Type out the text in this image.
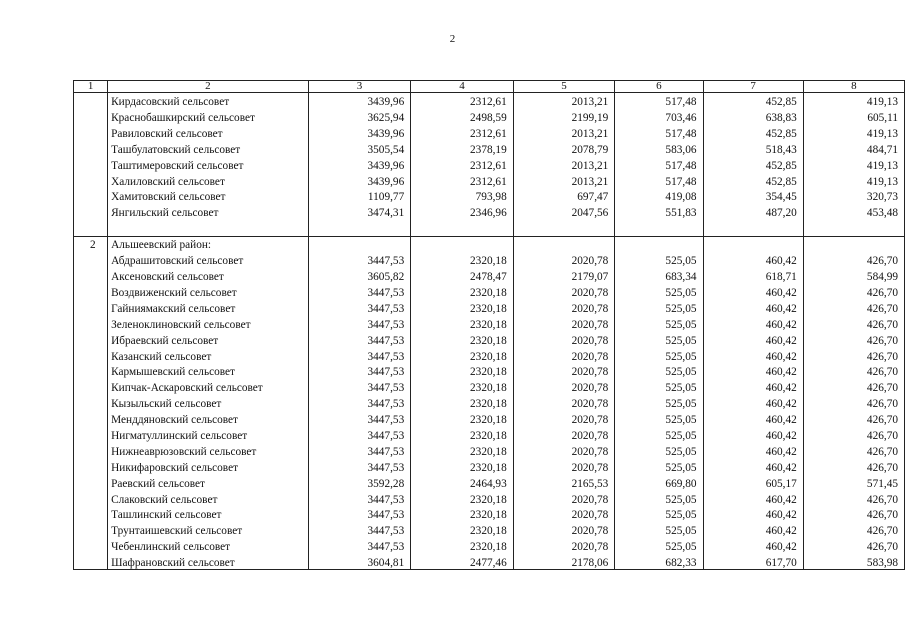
2
1	2	3	4	5	6	7	8
	Кирдасовский сельсовет	3439,96	2312,61	2013,21	517,48	452,85	419,13
	Краснобашкирский сельсовет	3625,94	2498,59	2199,19	703,46	638,83	605,11
	Равиловский сельсовет	3439,96	2312,61	2013,21	517,48	452,85	419,13
	Ташбулатовский сельсовет	3505,54	2378,19	2078,79	583,06	518,43	484,71
	Таштимеровский сельсовет	3439,96	2312,61	2013,21	517,48	452,85	419,13
	Халиловский сельсовет	3439,96	2312,61	2013,21	517,48	452,85	419,13
	Хамитовский сельсовет	1109,77	793,98	697,47	419,08	354,45	320,73
	Янгильский сельсовет	3474,31	2346,96	2047,56	551,83	487,20	453,48

2	Альшеевский район:						
	Абдрашитовский сельсовет	3447,53	2320,18	2020,78	525,05	460,42	426,70
	Аксеновский сельсовет	3605,82	2478,47	2179,07	683,34	618,71	584,99
	Воздвиженский сельсовет	3447,53	2320,18	2020,78	525,05	460,42	426,70
	Гайниямакский сельсовет	3447,53	2320,18	2020,78	525,05	460,42	426,70
	Зеленоклиновский сельсовет	3447,53	2320,18	2020,78	525,05	460,42	426,70
	Ибраевский сельсовет	3447,53	2320,18	2020,78	525,05	460,42	426,70
	Казанский сельсовет	3447,53	2320,18	2020,78	525,05	460,42	426,70
	Кармышевский сельсовет	3447,53	2320,18	2020,78	525,05	460,42	426,70
	Кипчак-Аскаровский сельсовет	3447,53	2320,18	2020,78	525,05	460,42	426,70
	Кызыльский сельсовет	3447,53	2320,18	2020,78	525,05	460,42	426,70
	Менддяновский сельсовет	3447,53	2320,18	2020,78	525,05	460,42	426,70
	Нигматуллинский сельсовет	3447,53	2320,18	2020,78	525,05	460,42	426,70
	Нижнеаврюзовский сельсовет	3447,53	2320,18	2020,78	525,05	460,42	426,70
	Никифаровский сельсовет	3447,53	2320,18	2020,78	525,05	460,42	426,70
	Раевский сельсовет	3592,28	2464,93	2165,53	669,80	605,17	571,45
	Слаковский сельсовет	3447,53	2320,18	2020,78	525,05	460,42	426,70
	Ташлинский сельсовет	3447,53	2320,18	2020,78	525,05	460,42	426,70
	Трунтаишевский сельсовет	3447,53	2320,18	2020,78	525,05	460,42	426,70
	Чебенлинский сельсовет	3447,53	2320,18	2020,78	525,05	460,42	426,70
	Шафрановский сельсовет	3604,81	2477,46	2178,06	682,33	617,70	583,98
